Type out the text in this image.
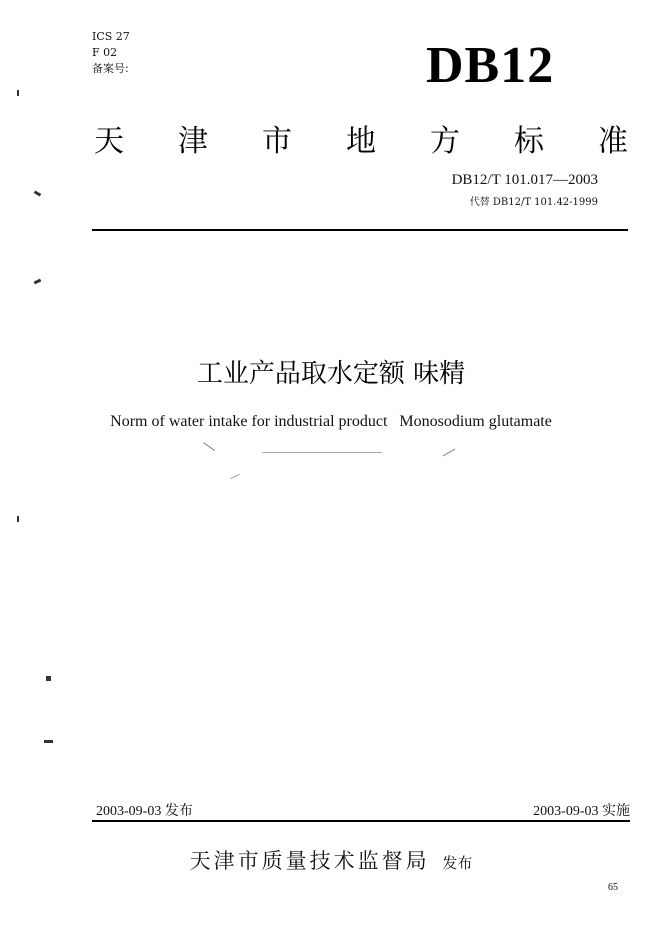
ICS 27
F 02
备案号:	DB12
天 津 市 地 方 标 准
DB12/T 101.017—2003
代替 DB12/T 101.42-1999
工业产品取水定额 味精
Norm of water intake for industrial product   Monosodium glutamate
2003-09-03 发布	2003-09-03 实施
天津市质量技术监督局 发布
65
